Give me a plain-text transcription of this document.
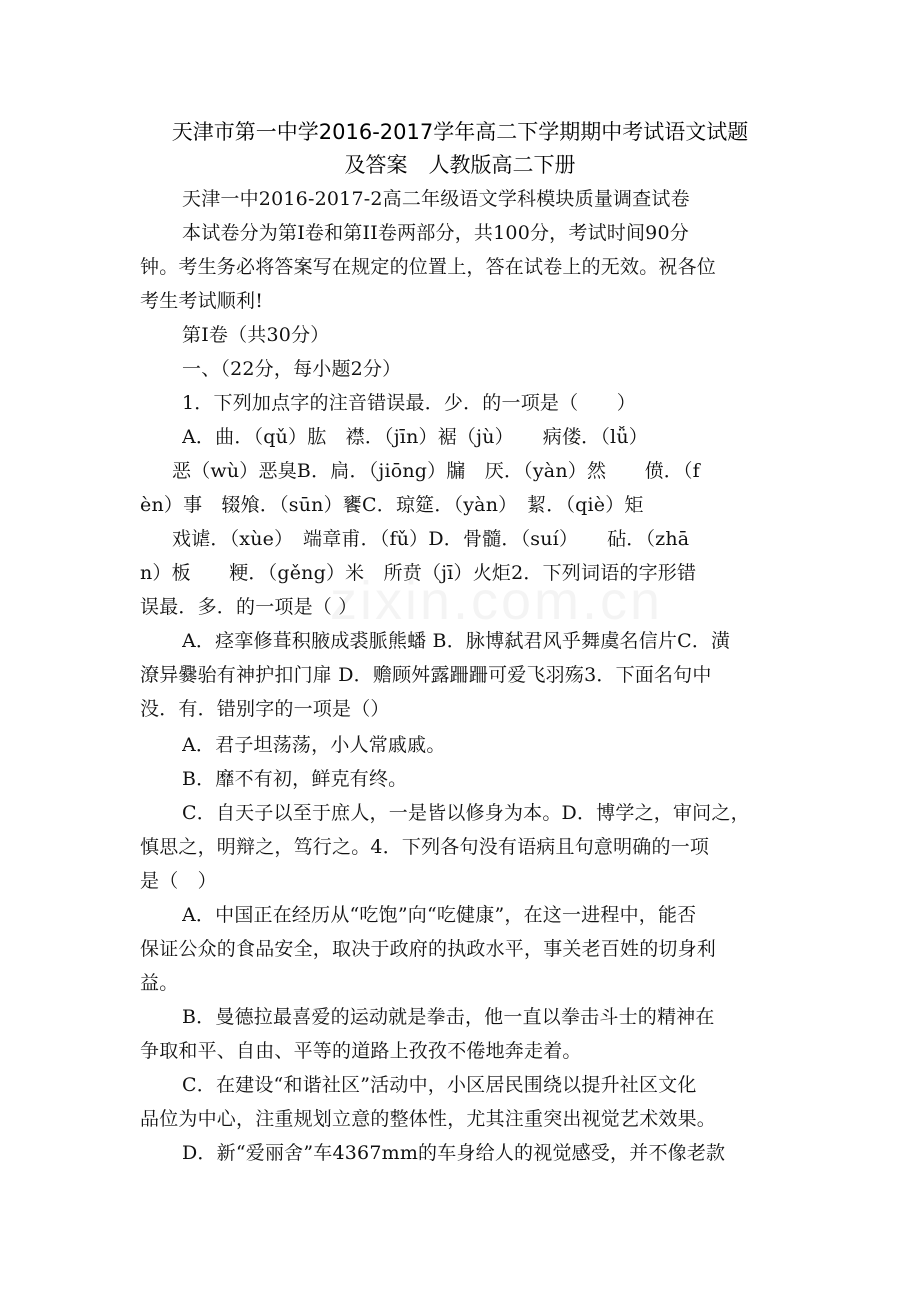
天津市第一中学2016-2017学年高二下学期期中考试语文试题
及答案　人教版高二下册
天津一中2016-2017-2高二年级语文学科模块质量调查试卷
本试卷分为第I卷和第II卷两部分，共100分，考试时间90分
钟。考生务必将答案写在规定的位置上，答在试卷上的无效。祝各位
考生考试顺利!
第I卷（共30分）
一、（22分，每小题2分）
1．下列加点字的注音错误最．少．的一项是（　　）
A．曲．（qǔ）肱　襟．（jīn）裾（jù）　　病偻．（lǚ）
恶（wù）恶臭B．扃．（jiōng）牖　厌．（yàn）然　　偾．（f
èn）事　辍飧．（sūn）饔C．琼筵．（yàn）　絜．（qiè）矩
戏谑．（xùe）　端章甫．（fǔ）D．骨髓．（suí）　　砧．（zhā
n）板　　粳．（gěng）米　所贲（jī）火炬2．下列词语的字形错
误最．多．的一项是（ ）
A．痉挛修葺积腋成裘脈熊蟠 B．脉博弑君风乎舞虞名信片C．潢
潦异爨骀有神护扣门扉 D．赡顾舛露跚跚可爱飞羽殇3．下面名句中
没．有．错别字的一项是（）
A．君子坦荡荡，小人常戚戚。
B．靡不有初，鲜克有终。
C．自天子以至于庶人，一是皆以修身为本。D．博学之，审问之，
慎思之，明辩之，笃行之。4．下列各句没有语病且句意明确的一项
是（　）
A．中国正在经历从“吃饱”向“吃健康”，在这一进程中，能否
保证公众的食品安全，取决于政府的执政水平，事关老百姓的切身利
益。
B．曼德拉最喜爱的运动就是拳击，他一直以拳击斗士的精神在
争取和平、自由、平等的道路上孜孜不倦地奔走着。
C．在建设“和谐社区”活动中，小区居民围绕以提升社区文化
品位为中心，注重规划立意的整体性，尤其注重突出视觉艺术效果。
D．新“爱丽舍”车4367mm的车身给人的视觉感受，并不像老款
